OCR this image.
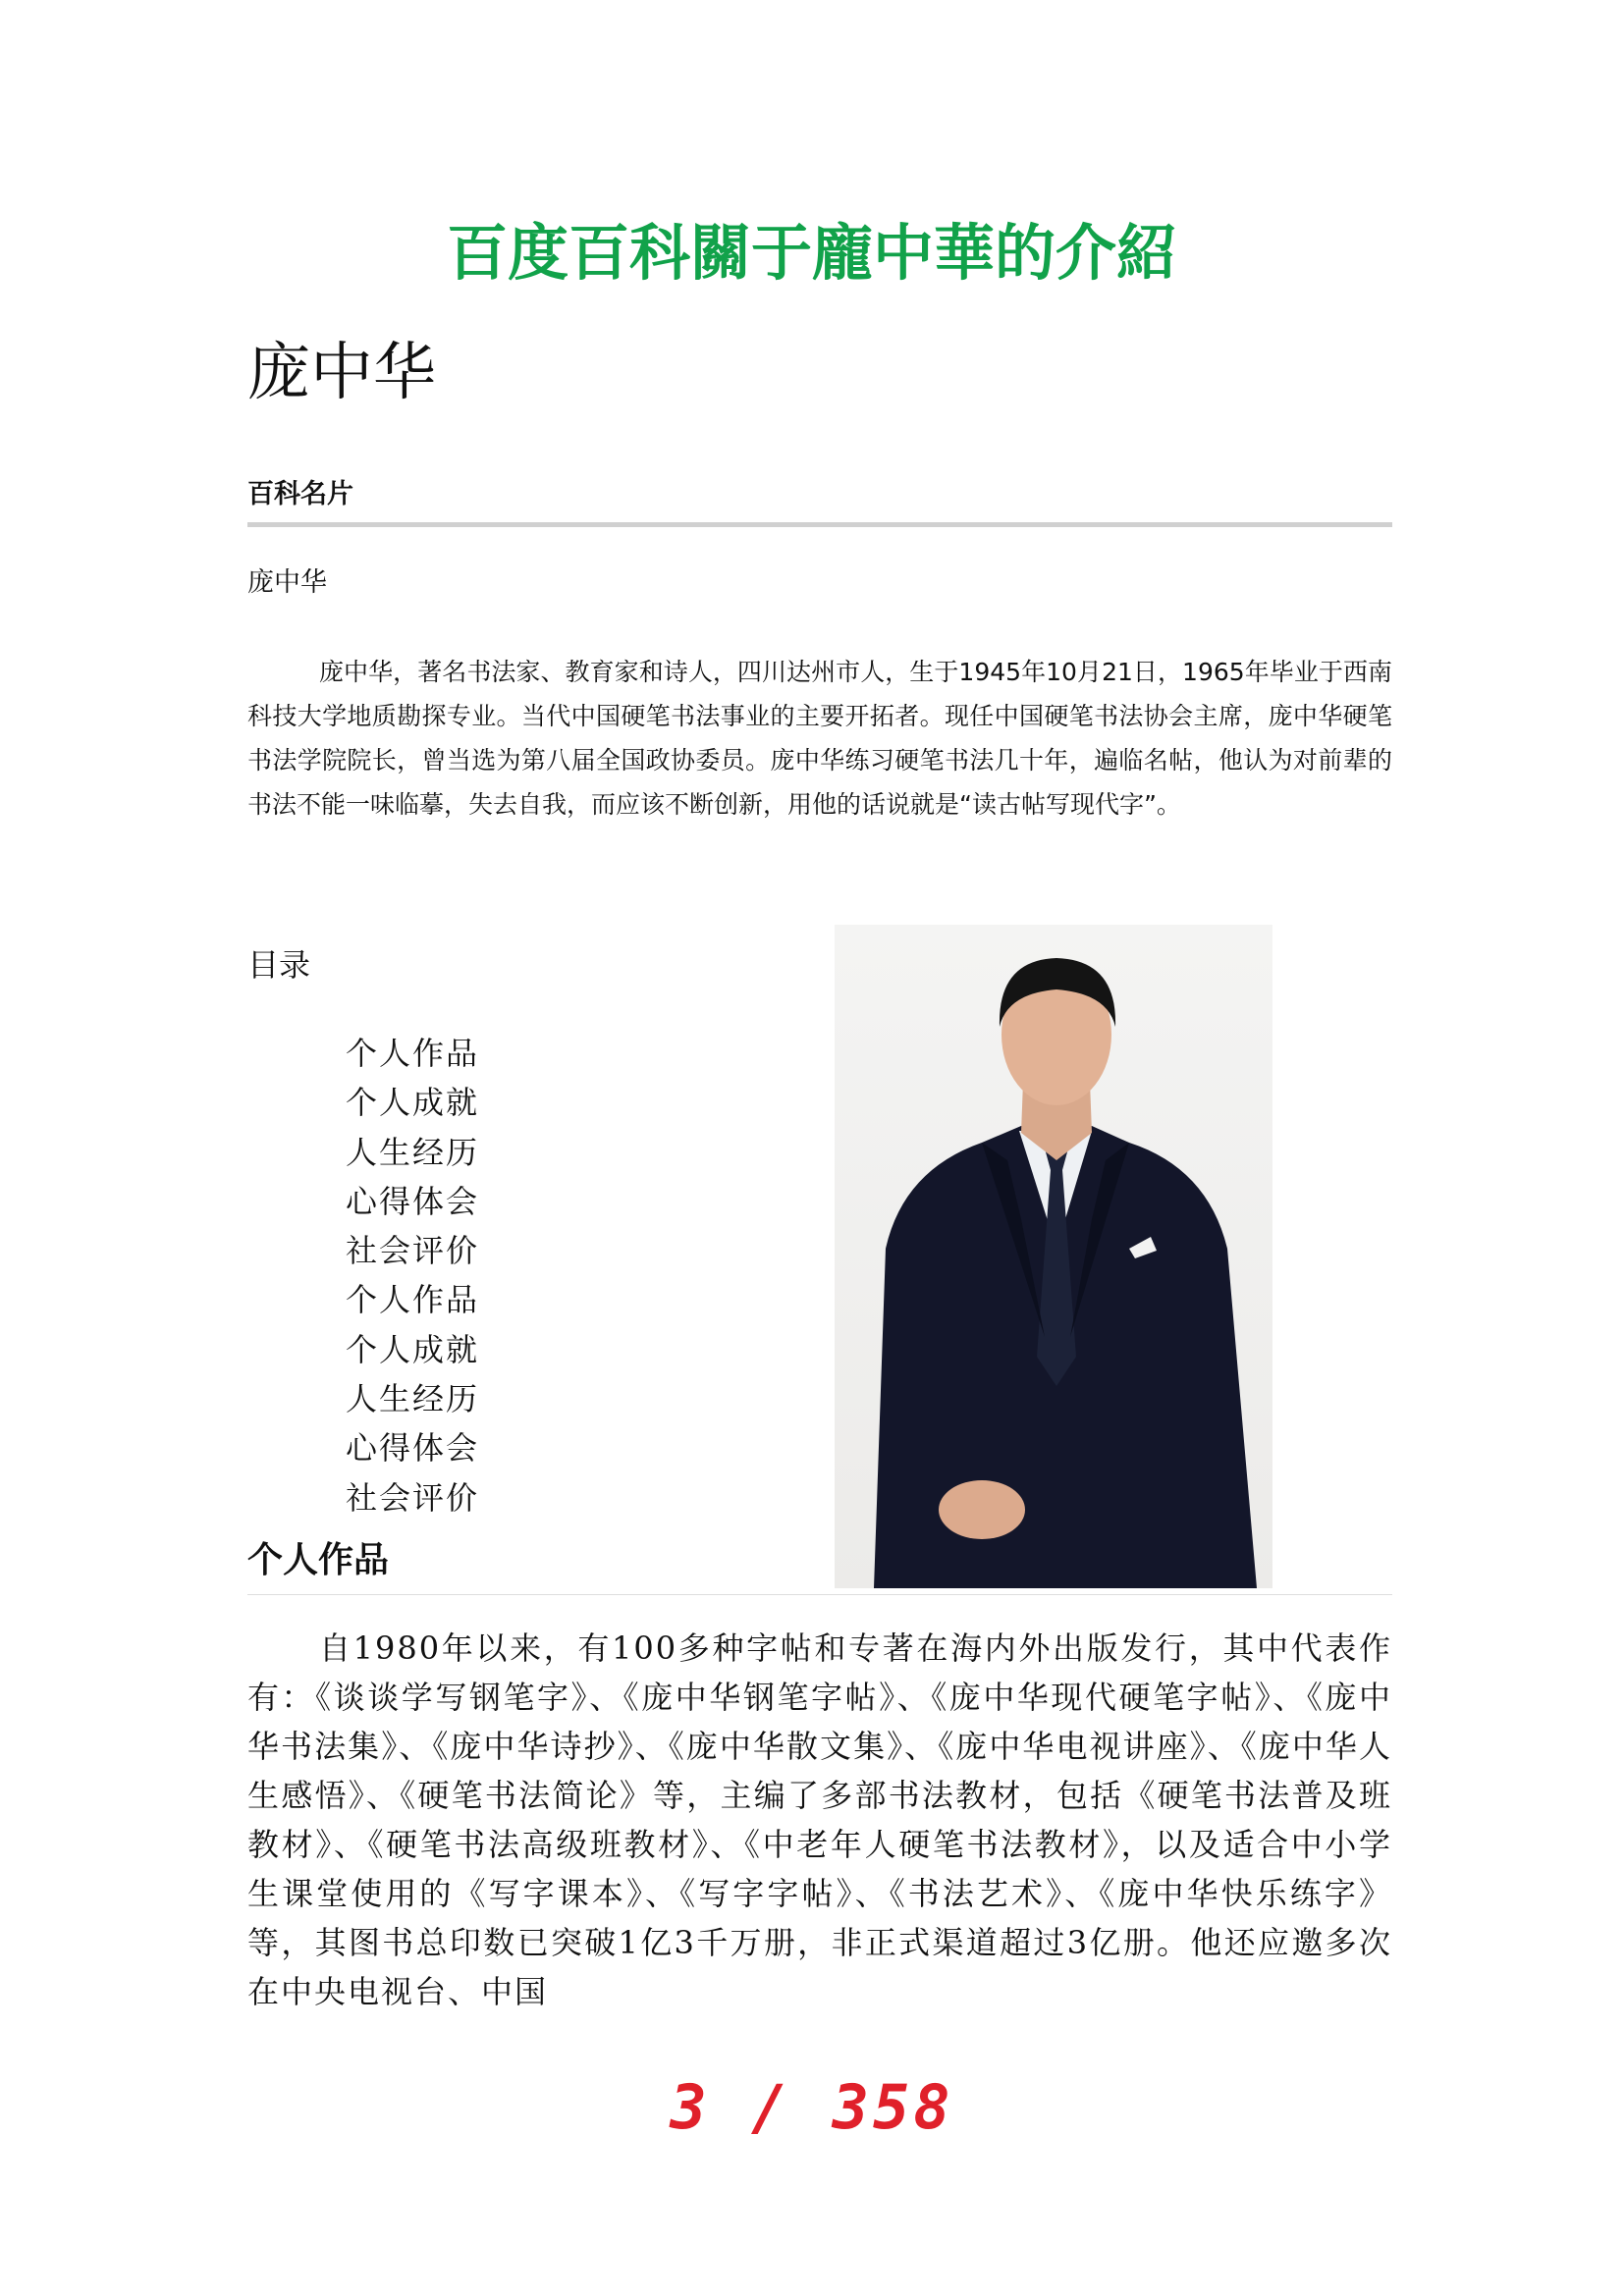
百度百科關于龐中華的介紹
庞中华
百科名片
庞中华

庞中华，著名书法家、教育家和诗人，四川达州市人，生于1945年10月21日，1965年毕业于西南科技大学地质勘探专业。当代中国硬笔书法事业的主要开拓者。现任中国硬笔书法协会主席，庞中华硬笔书法学院院长，曾当选为第八届全国政协委员。庞中华练习硬笔书法几十年，遍临名帖，他认为对前辈的书法不能一味临摹，失去自我，而应该不断创新，用他的话说就是“读古帖写现代字”。

目录
个人作品
个人成就
人生经历
心得体会
社会评价
个人作品
个人成就
人生经历
心得体会
社会评价
个人作品

自1980年以来，有100多种字帖和专著在海内外出版发行，其中代表作有：《谈谈学写钢笔字》、《庞中华钢笔字帖》、《庞中华现代硬笔字帖》、《庞中华书法集》、《庞中华诗抄》、《庞中华散文集》、《庞中华电视讲座》、《庞中华人生感悟》、《硬笔书法简论》等，主编了多部书法教材，包括《硬笔书法普及班教材》、《硬笔书法高级班教材》、《中老年人硬笔书法教材》，以及适合中小学生课堂使用的《写字课本》、《写字字帖》、《书法艺术》、《庞中华快乐练字》等，其图书总印数已突破1亿3千万册，非正式渠道超过3亿册。他还应邀多次在中央电视台、中国

3 / 358
